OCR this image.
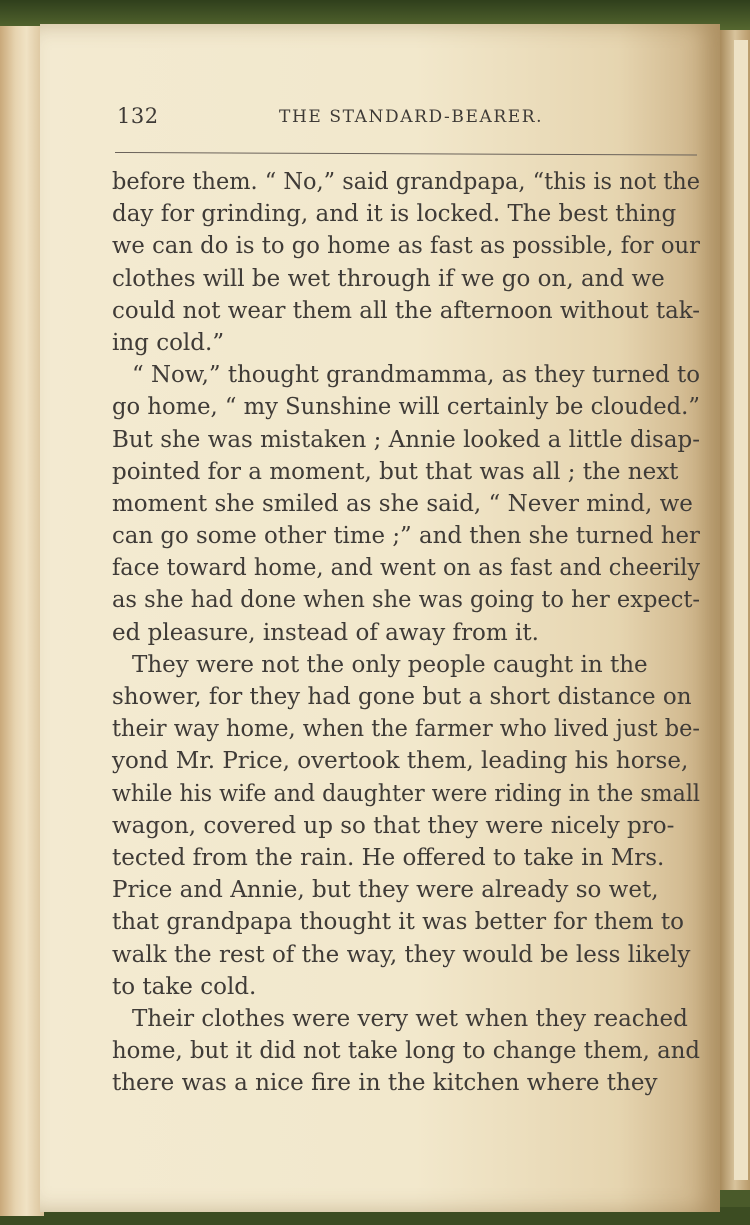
132	THE STANDARD-BEARER.
before them. “ No,” said grandpapa, “this is not the
day for grinding, and it is locked. The best thing
we can do is to go home as fast as possible, for our
clothes will be wet through if we go on, and we
could not wear them all the afternoon without tak-
ing cold.”
“ Now,” thought grandmamma, as they turned to
go home, “ my Sunshine will certainly be clouded.”
But she was mistaken ; Annie looked a little disap-
pointed for a moment, but that was all ; the next
moment she smiled as she said, “ Never mind, we
can go some other time ;” and then she turned her
face toward home, and went on as fast and cheerily
as she had done when she was going to her expect-
ed pleasure, instead of away from it.
They were not the only people caught in the
shower, for they had gone but a short distance on
their way home, when the farmer who lived just be-
yond Mr. Price, overtook them, leading his horse,
while his wife and daughter were riding in the small
wagon, covered up so that they were nicely pro-
tected from the rain. He offered to take in Mrs.
Price and Annie, but they were already so wet,
that grandpapa thought it was better for them to
walk the rest of the way, they would be less likely
to take cold.
Their clothes were very wet when they reached
home, but it did not take long to change them, and
there was a nice fire in the kitchen where they
